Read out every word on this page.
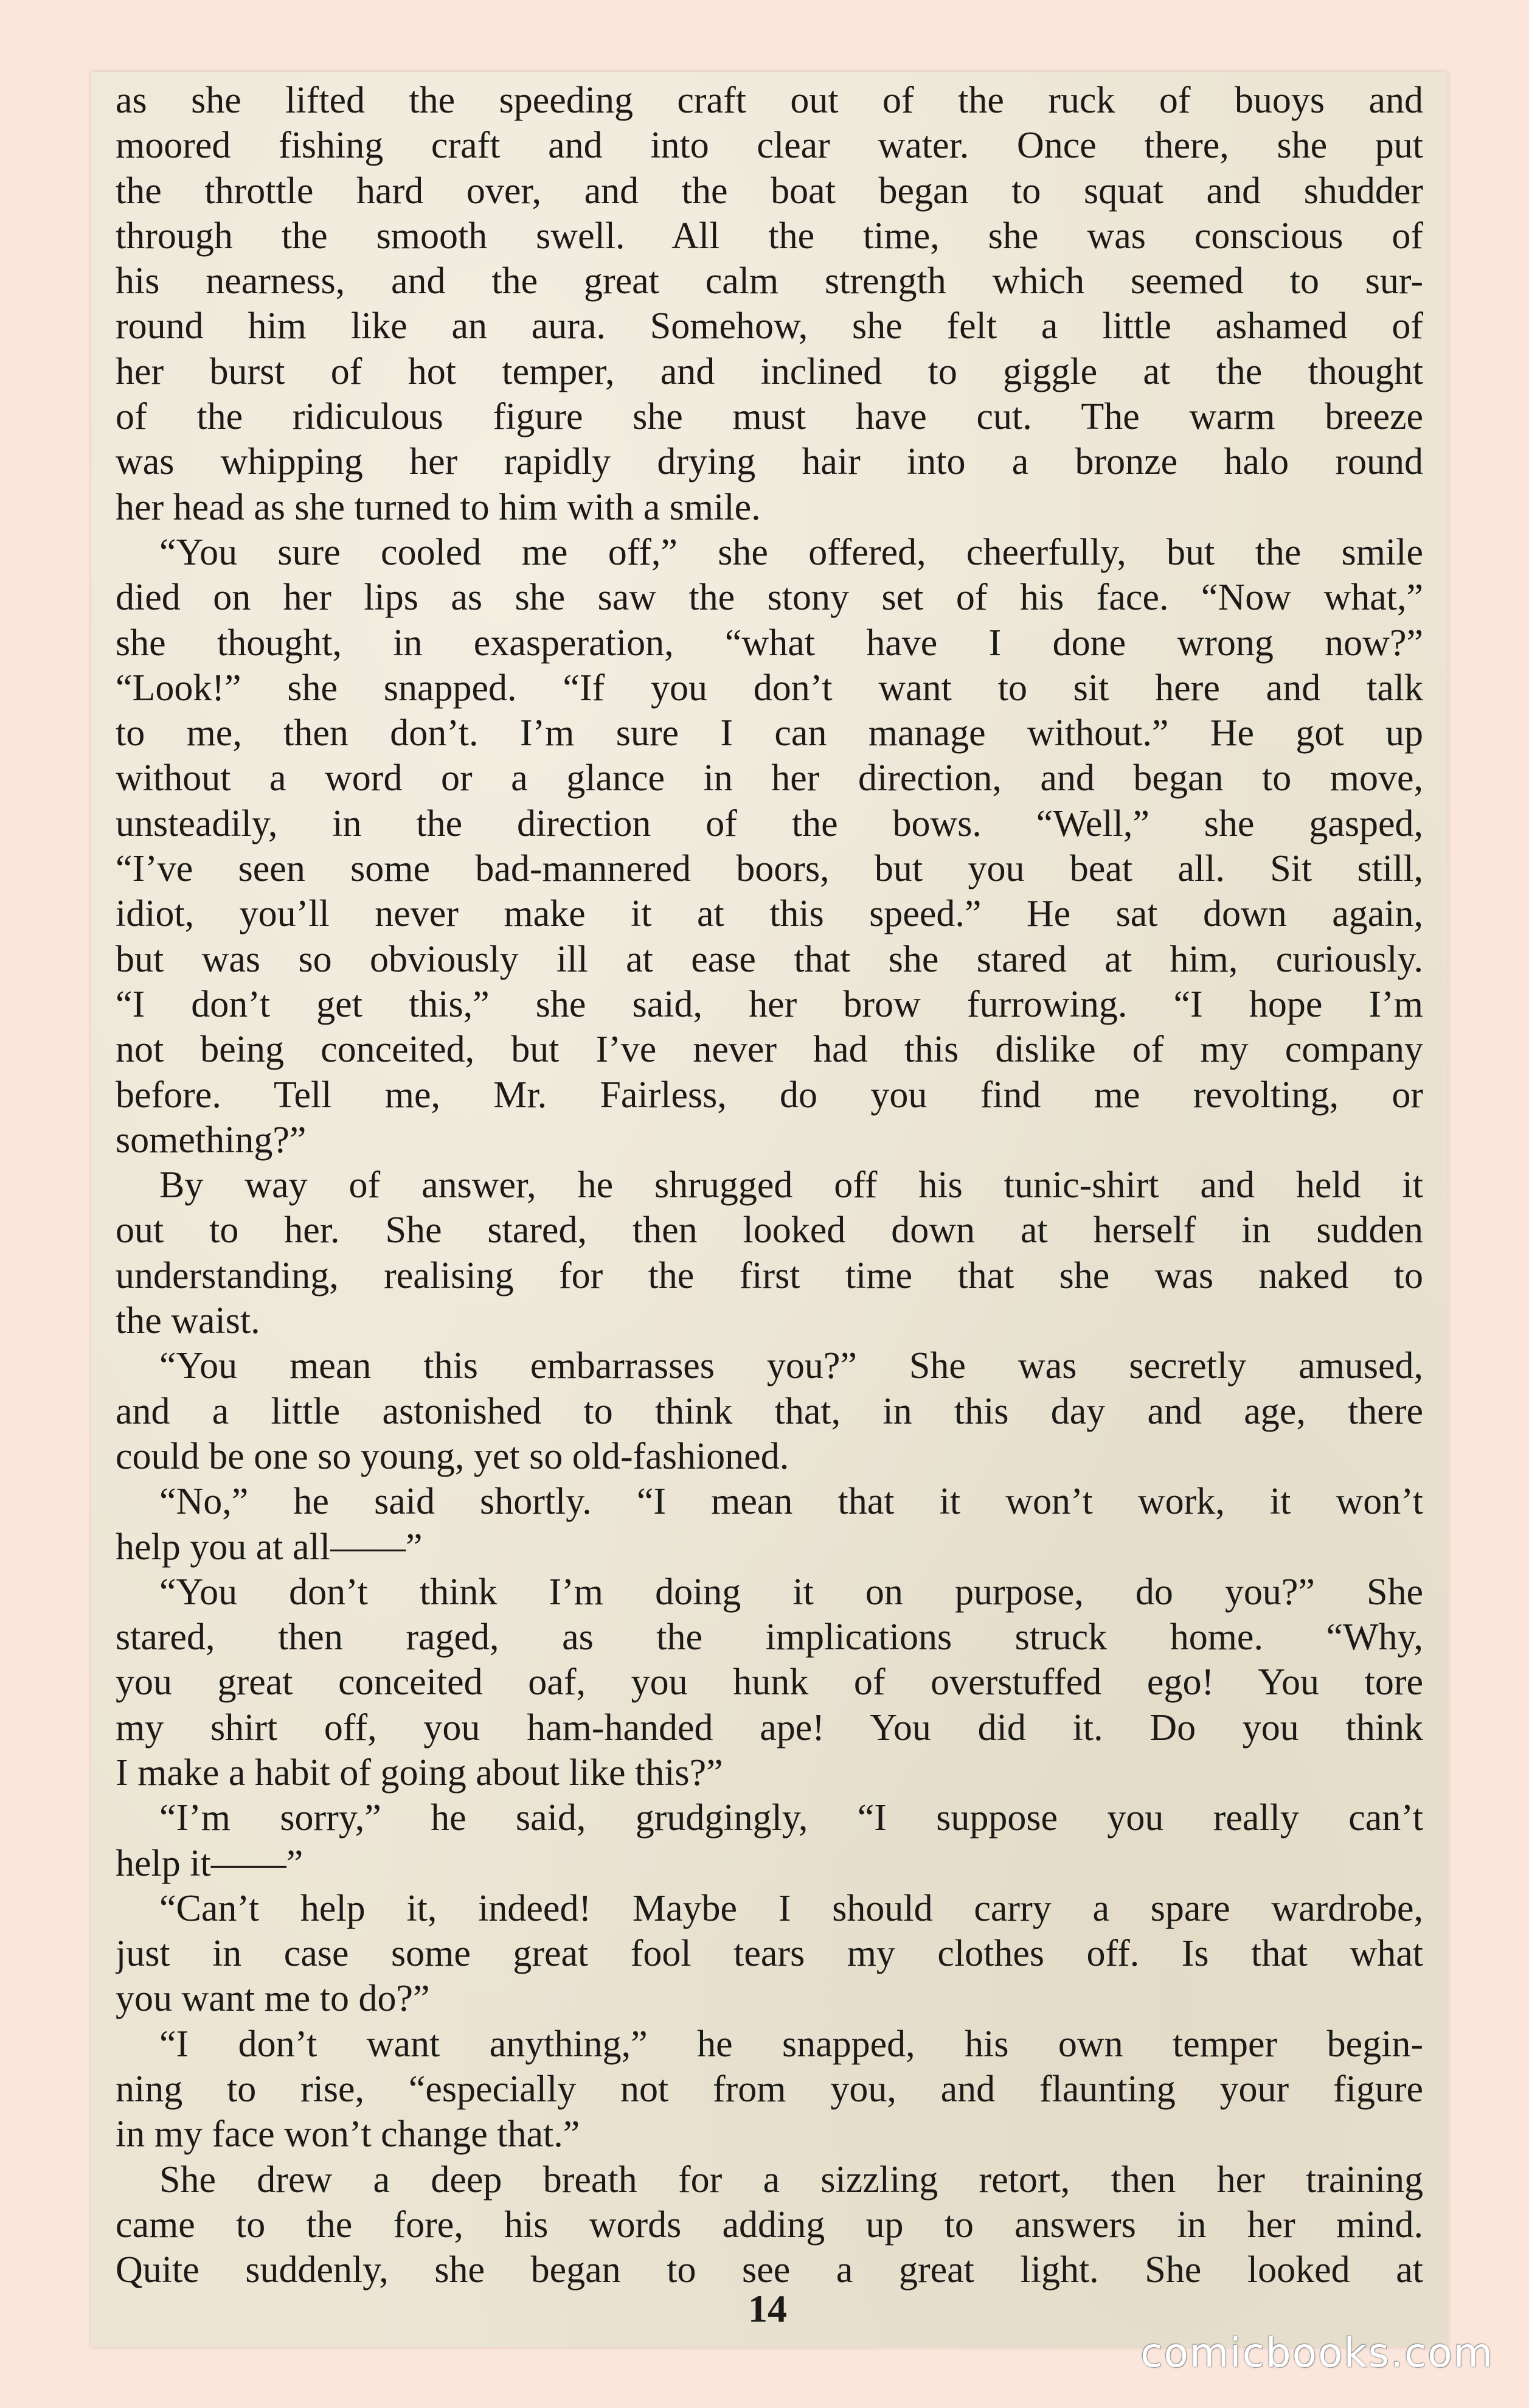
as she lifted the speeding craft out of the ruck of buoys and
moored fishing craft and into clear water. Once there, she put
the throttle hard over, and the boat began to squat and shudder
through the smooth swell. All the time, she was conscious of
his nearness, and the great calm strength which seemed to sur-
round him like an aura. Somehow, she felt a little ashamed of
her burst of hot temper, and inclined to giggle at the thought
of the ridiculous figure she must have cut. The warm breeze
was whipping her rapidly drying hair into a bronze halo round
her head as she turned to him with a smile.
“You sure cooled me off,” she offered, cheerfully, but the smile
died on her lips as she saw the stony set of his face. “Now what,”
she thought, in exasperation, “what have I done wrong now?”
“Look!” she snapped. “If you don’t want to sit here and talk
to me, then don’t. I’m sure I can manage without.” He got up
without a word or a glance in her direction, and began to move,
unsteadily, in the direction of the bows. “Well,” she gasped,
“I’ve seen some bad-mannered boors, but you beat all. Sit still,
idiot, you’ll never make it at this speed.” He sat down again,
but was so obviously ill at ease that she stared at him, curiously.
“I don’t get this,” she said, her brow furrowing. “I hope I’m
not being conceited, but I’ve never had this dislike of my company
before. Tell me, Mr. Fairless, do you find me revolting, or
something?”
By way of answer, he shrugged off his tunic-shirt and held it
out to her. She stared, then looked down at herself in sudden
understanding, realising for the first time that she was naked to
the waist.
“You mean this embarrasses you?” She was secretly amused,
and a little astonished to think that, in this day and age, there
could be one so young, yet so old-fashioned.
“No,” he said shortly. “I mean that it won’t work, it won’t
help you at all——”
“You don’t think I’m doing it on purpose, do you?” She
stared, then raged, as the implications struck home. “Why,
you great conceited oaf, you hunk of overstuffed ego! You tore
my shirt off, you ham-handed ape! You did it. Do you think
I make a habit of going about like this?”
“I’m sorry,” he said, grudgingly, “I suppose you really can’t
help it——”
“Can’t help it, indeed! Maybe I should carry a spare wardrobe,
just in case some great fool tears my clothes off. Is that what
you want me to do?”
“I don’t want anything,” he snapped, his own temper begin-
ning to rise, “especially not from you, and flaunting your figure
in my face won’t change that.”
She drew a deep breath for a sizzling retort, then her training
came to the fore, his words adding up to answers in her mind.
Quite suddenly, she began to see a great light. She looked at
14
comicbooks.com
